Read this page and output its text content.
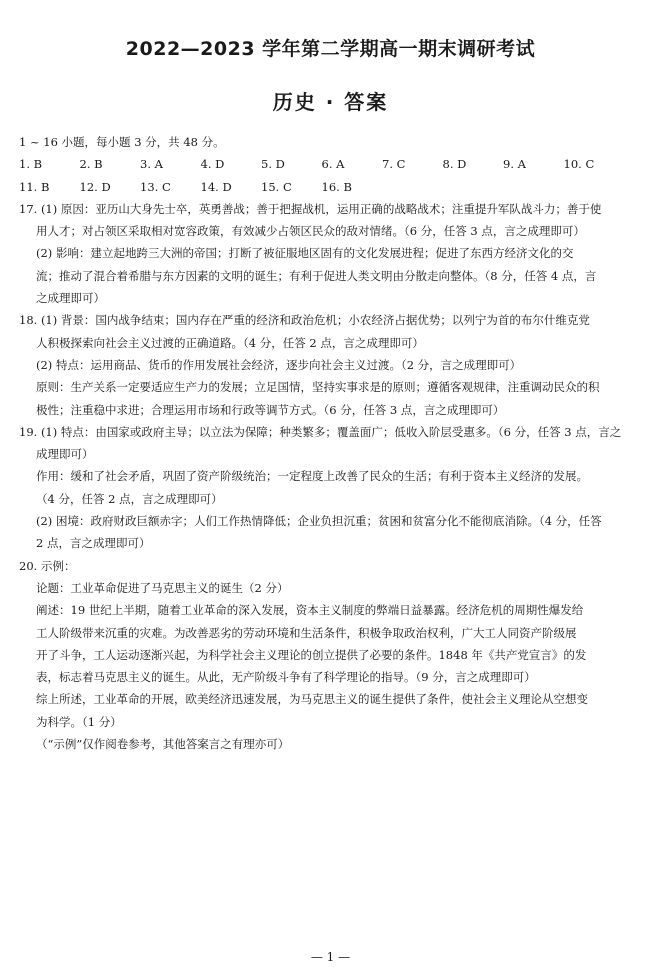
2022—2023 学年第二学期高一期末调研考试
历史 · 答案
1 ~ 16 小题，每小题 3 分，共 48 分。
1. B	2. B	3. A	4. D	5. D	6. A	7. C	8. D	9. A	10. C
11. B	12. D	13. C	14. D	15. C	16. B
17. (1) 原因：亚历山大身先士卒，英勇善战；善于把握战机，运用正确的战略战术；注重提升军队战斗力；善于使
用人才；对占领区采取相对宽容政策，有效减少占领区民众的敌对情绪。（6 分，任答 3 点，言之成理即可）
(2) 影响：建立起地跨三大洲的帝国；打断了被征服地区固有的文化发展进程；促进了东西方经济文化的交
流；推动了混合着希腊与东方因素的文明的诞生；有利于促进人类文明由分散走向整体。（8 分，任答 4 点，言
之成理即可）
18. (1) 背景：国内战争结束；国内存在严重的经济和政治危机；小农经济占据优势；以列宁为首的布尔什维克党
人积极探索向社会主义过渡的正确道路。（4 分，任答 2 点，言之成理即可）
(2) 特点：运用商品、货币的作用发展社会经济，逐步向社会主义过渡。（2 分，言之成理即可）
原则：生产关系一定要适应生产力的发展；立足国情，坚持实事求是的原则；遵循客观规律，注重调动民众的积
极性；注重稳中求进；合理运用市场和行政等调节方式。（6 分，任答 3 点，言之成理即可）
19. (1) 特点：由国家或政府主导；以立法为保障；种类繁多；覆盖面广；低收入阶层受惠多。（6 分，任答 3 点，言之
成理即可）
作用：缓和了社会矛盾，巩固了资产阶级统治；一定程度上改善了民众的生活；有利于资本主义经济的发展。
（4 分，任答 2 点，言之成理即可）
(2) 困境：政府财政巨额赤字；人们工作热情降低；企业负担沉重；贫困和贫富分化不能彻底消除。（4 分，任答
2 点，言之成理即可）
20. 示例：
论题：工业革命促进了马克思主义的诞生（2 分）
阐述：19 世纪上半期，随着工业革命的深入发展，资本主义制度的弊端日益暴露。经济危机的周期性爆发给
工人阶级带来沉重的灾难。为改善恶劣的劳动环境和生活条件，积极争取政治权利，广大工人同资产阶级展
开了斗争，工人运动逐渐兴起，为科学社会主义理论的创立提供了必要的条件。1848 年《共产党宣言》的发
表，标志着马克思主义的诞生。从此，无产阶级斗争有了科学理论的指导。（9 分，言之成理即可）
综上所述，工业革命的开展，欧美经济迅速发展，为马克思主义的诞生提供了条件，使社会主义理论从空想变
为科学。（1 分）
（“示例”仅作阅卷参考，其他答案言之有理亦可）
— 1 —
